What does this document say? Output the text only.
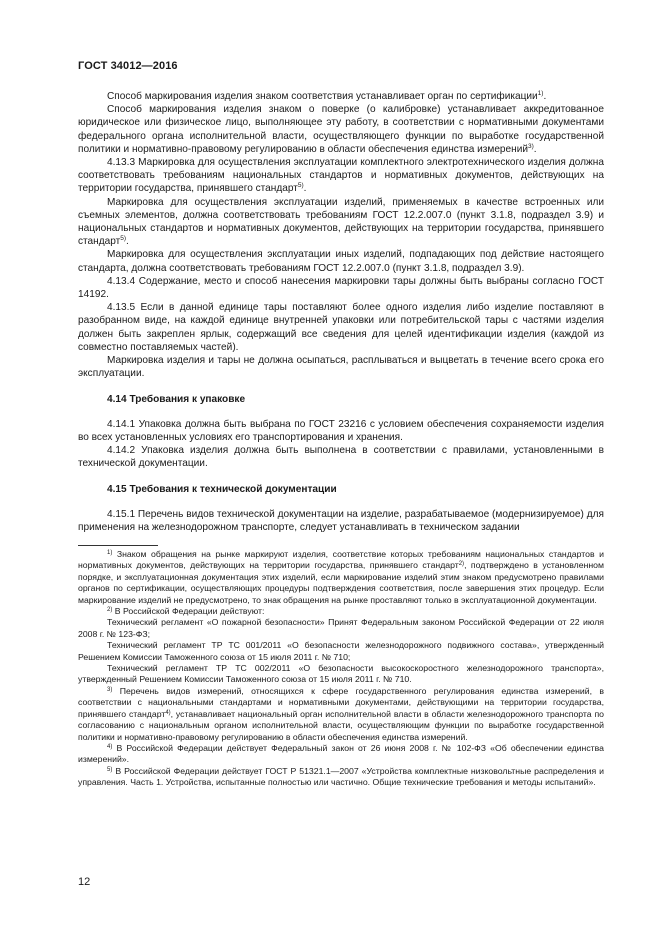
ГОСТ 34012—2016

Способ маркирования изделия знаком соответствия устанавливает орган по сертификации$^{1)}$.

Способ маркирования изделия знаком о поверке (о калибровке) устанавливает аккредитованное юридическое или физическое лицо, выполняющее эту работу, в соответствии с нормативными документами федерального органа исполнительной власти, осуществляющего функции по выработке государственной политики и нормативно-правовому регулированию в области обеспечения единства измерений$^{3)}$.

4.13.3 Маркировка для осуществления эксплуатации комплектного электротехнического изделия должна соответствовать требованиям национальных стандартов и нормативных документов, действующих на территории государства, принявшего стандарт$^{5)}$.

Маркировка для осуществления эксплуатации изделий, применяемых в качестве встроенных или съемных элементов, должна соответствовать требованиям ГОСТ 12.2.007.0 (пункт 3.1.8, подраздел 3.9) и национальных стандартов и нормативных документов, действующих на территории государства, принявшего стандарт$^{5)}$.

Маркировка для осуществления эксплуатации иных изделий, подпадающих под действие настоящего стандарта, должна соответствовать требованиям ГОСТ 12.2.007.0 (пункт 3.1.8, подраздел 3.9).

4.13.4 Содержание, место и способ нанесения маркировки тары должны быть выбраны согласно ГОСТ 14192.

4.13.5 Если в данной единице тары поставляют более одного изделия либо изделие поставляют в разобранном виде, на каждой единице внутренней упаковки или потребительской тары с частями изделия должен быть закреплен ярлык, содержащий все сведения для целей идентификации изделия (каждой из совместно поставляемых частей).

Маркировка изделия и тары не должна осыпаться, расплываться и выцветать в течение всего срока его эксплуатации.

4.14 Требования к упаковке

4.14.1 Упаковка должна быть выбрана по ГОСТ 23216 с условием обеспечения сохраняемости изделия во всех установленных условиях его транспортирования и хранения.

4.14.2 Упаковка изделия должна быть выполнена в соответствии с правилами, установленными в технической документации.

4.15 Требования к технической документации

4.15.1 Перечень видов технической документации на изделие, разрабатываемое (модернизируемое) для применения на железнодорожном транспорте, следует устанавливать в техническом задании

$^{1)}$ Знаком обращения на рынке маркируют изделия, соответствие которых требованиям национальных стандартов и нормативных документов, действующих на территории государства, принявшего стандарт$^{2)}$, подтверждено в установленном порядке, и эксплуатационная документация этих изделий, если маркирование изделий этим знаком предусмотрено правилами органов по сертификации, осуществляющих процедуры подтверждения соответствия, после завершения этих процедур. Если маркирование изделий не предусмотрено, то знак обращения на рынке проставляют только в эксплуатационной документации.

$^{2)}$ В Российской Федерации действуют:

Технический регламент «О пожарной безопасности» Принят Федеральным законом Российской Федерации от 22 июля 2008 г. № 123-ФЗ;

Технический регламент ТР ТС 001/2011 «О безопасности железнодорожного подвижного состава», утвержденный Решением Комиссии Таможенного союза от 15 июля 2011 г. № 710;

Технический регламент ТР ТС 002/2011 «О безопасности высокоскоростного железнодорожного транспорта», утвержденный Решением Комиссии Таможенного союза от 15 июля 2011 г. № 710.

$^{3)}$ Перечень видов измерений, относящихся к сфере государственного регулирования единства измерений, в соответствии с национальными стандартами и нормативными документами, действующими на территории государства, принявшего стандарт$^{4)}$, устанавливает национальный орган исполнительной власти в области железнодорожного транспорта по согласованию с национальным органом исполнительной власти, осуществляющим функции по выработке государственной политики и нормативно-правовому регулированию в области обеспечения единства измерений.

$^{4)}$ В Российской Федерации действует Федеральный закон от 26 июня 2008 г. № 102-ФЗ «Об обеспечении единства измерений».

$^{5)}$ В Российской Федерации действует ГОСТ Р 51321.1—2007 «Устройства комплектные низковольтные распределения и управления. Часть 1. Устройства, испытанные полностью или частично. Общие технические требования и методы испытаний».

12
